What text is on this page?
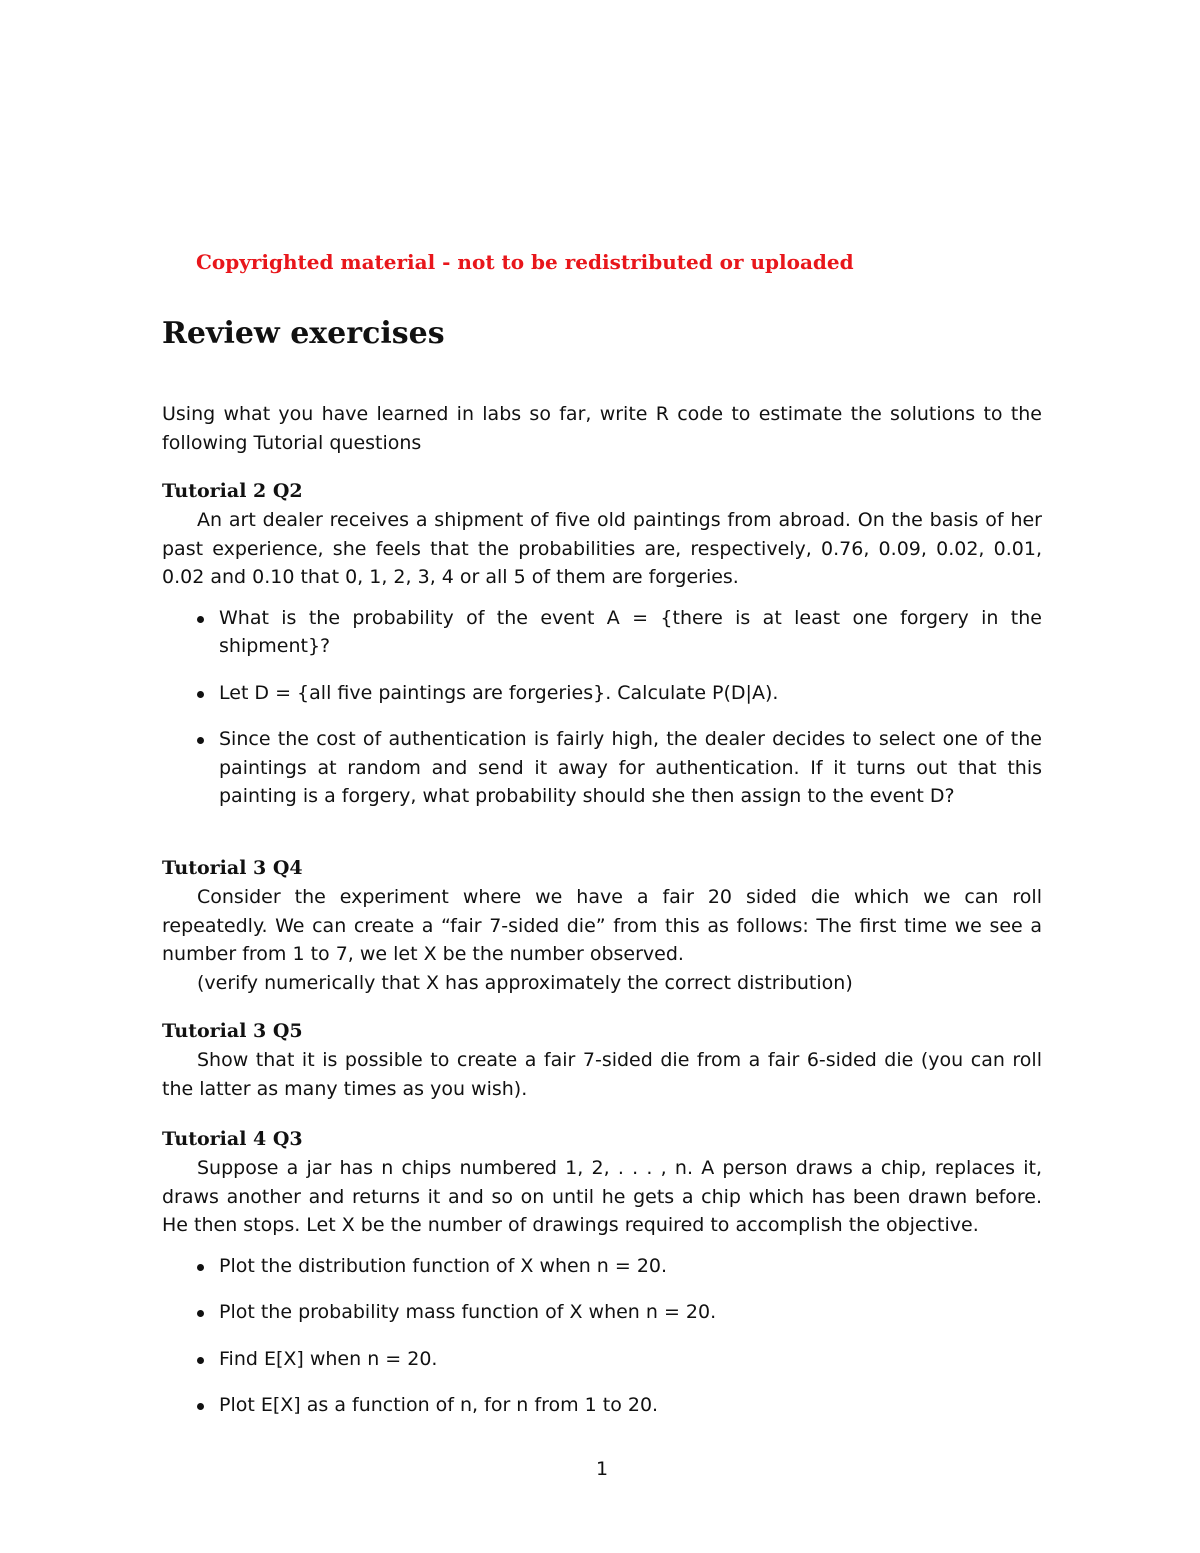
Copyrighted material - not to be redistributed or uploaded
Review exercises
Using what you have learned in labs so far, write R code to estimate the solutions to the following Tutorial questions
Tutorial 2 Q2

An art dealer receives a shipment of five old paintings from abroad. On the basis of her past experience, she feels that the probabilities are, respectively, 0.76, 0.09, 0.02, 0.01, 0.02 and 0.10 that 0, 1, 2, 3, 4 or all 5 of them are forgeries.

What is the probability of the event A = {there is at least one forgery in the shipment}?
Let D = {all five paintings are forgeries}. Calculate P(D|A).
Since the cost of authentication is fairly high, the dealer decides to select one of the paintings at random and send it away for authentication. If it turns out that this painting is a forgery, what probability should she then assign to the event D?
Tutorial 3 Q4

Consider the experiment where we have a fair 20 sided die which we can roll repeatedly. We can create a “fair 7-sided die” from this as follows: The first time we see a number from 1 to 7, we let X be the number observed.

(verify numerically that X has approximately the correct distribution)

Tutorial 3 Q5

Show that it is possible to create a fair 7-sided die from a fair 6-sided die (you can roll the latter as many times as you wish).

Tutorial 4 Q3

Suppose a jar has n chips numbered 1, 2, . . . , n. A person draws a chip, replaces it, draws another and returns it and so on until he gets a chip which has been drawn before. He then stops. Let X be the number of drawings required to accomplish the objective.

Plot the distribution function of X when n = 20.
Plot the probability mass function of X when n = 20.
Find E[X] when n = 20.
Plot E[X] as a function of n, for n from 1 to 20.
1
